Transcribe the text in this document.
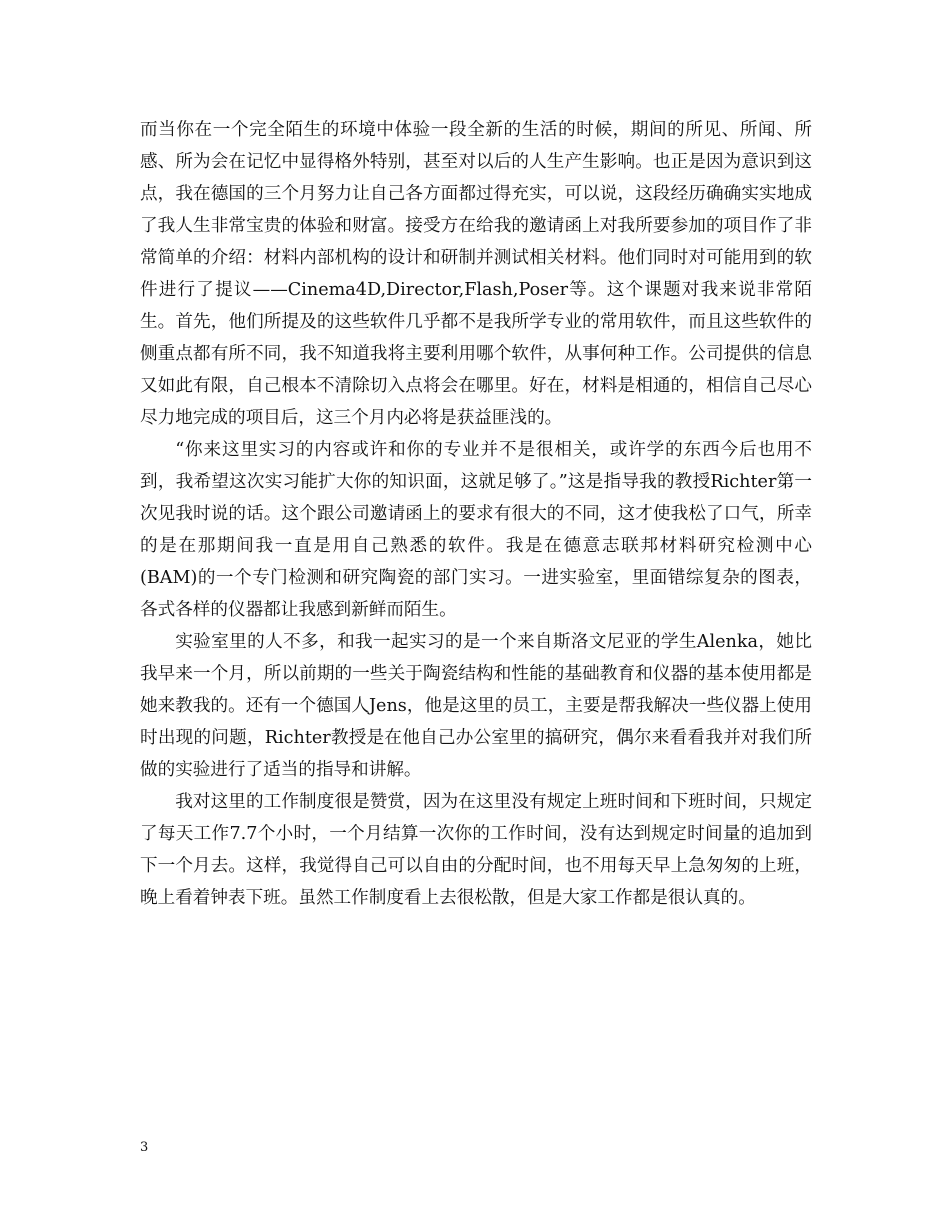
而当你在一个完全陌生的环境中体验一段全新的生活的时候，期间的所见、所闻、所感、所为会在记忆中显得格外特别，甚至对以后的人生产生影响。也正是因为意识到这点，我在德国的三个月努力让自己各方面都过得充实，可以说，这段经历确确实实地成了我人生非常宝贵的体验和财富。接受方在给我的邀请函上对我所要参加的项目作了非常简单的介绍：材料内部机构的设计和研制并测试相关材料。他们同时对可能用到的软件进行了提议——Cinema4D,Director,Flash,Poser等。这个课题对我来说非常陌生。首先，他们所提及的这些软件几乎都不是我所学专业的常用软件，而且这些软件的侧重点都有所不同，我不知道我将主要利用哪个软件，从事何种工作。公司提供的信息又如此有限，自己根本不清除切入点将会在哪里。好在，材料是相通的，相信自己尽心尽力地完成的项目后，这三个月内必将是获益匪浅的。

“你来这里实习的内容或许和你的专业并不是很相关，或许学的东西今后也用不到，我希望这次实习能扩大你的知识面，这就足够了。”这是指导我的教授Richter第一次见我时说的话。这个跟公司邀请函上的要求有很大的不同，这才使我松了口气，所幸的是在那期间我一直是用自己熟悉的软件。我是在德意志联邦材料研究检测中心(BAM)的一个专门检测和研究陶瓷的部门实习。一进实验室，里面错综复杂的图表，各式各样的仪器都让我感到新鲜而陌生。

实验室里的人不多，和我一起实习的是一个来自斯洛文尼亚的学生Alenka，她比我早来一个月，所以前期的一些关于陶瓷结构和性能的基础教育和仪器的基本使用都是她来教我的。还有一个德国人Jens，他是这里的员工，主要是帮我解决一些仪器上使用时出现的问题，Richter教授是在他自己办公室里的搞研究，偶尔来看看我并对我们所做的实验进行了适当的指导和讲解。

我对这里的工作制度很是赞赏，因为在这里没有规定上班时间和下班时间，只规定了每天工作7.7个小时，一个月结算一次你的工作时间，没有达到规定时间量的追加到下一个月去。这样，我觉得自己可以自由的分配时间，也不用每天早上急匆匆的上班，晚上看着钟表下班。虽然工作制度看上去很松散，但是大家工作都是很认真的。

3
